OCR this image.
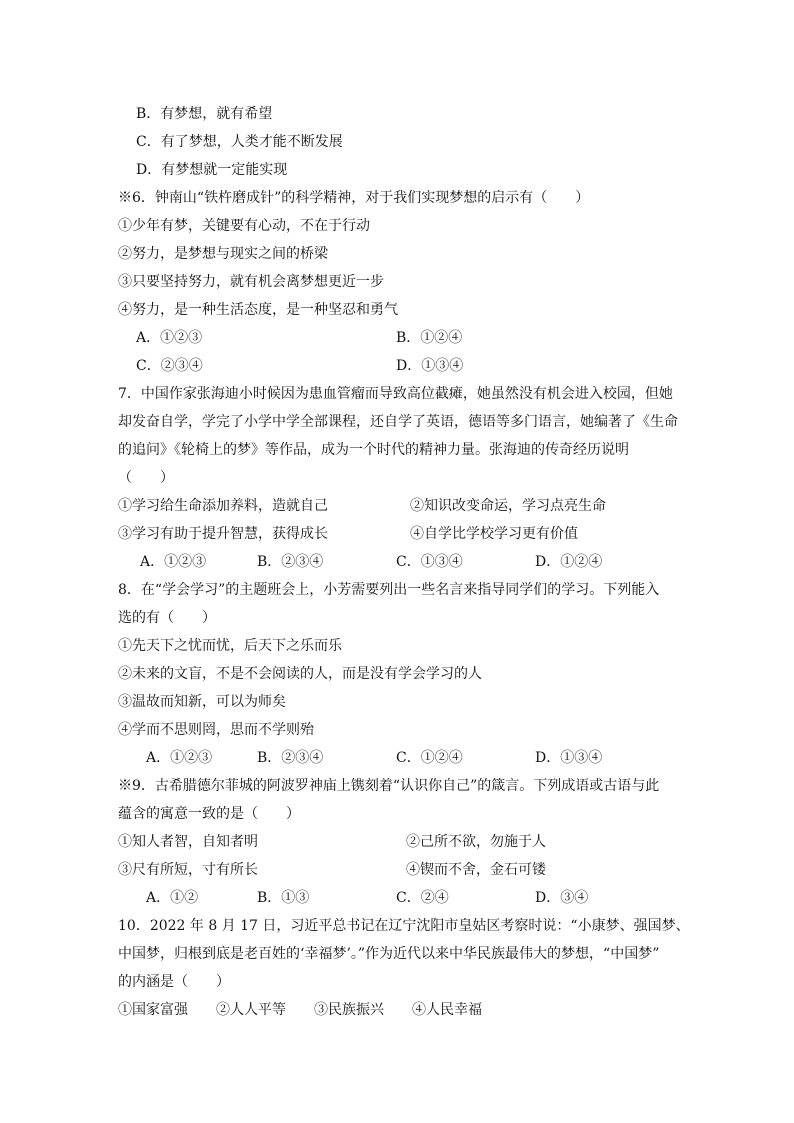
B．有梦想，就有希望
C．有了梦想，人类才能不断发展
D．有梦想就一定能实现
※6．钟南山“铁杵磨成针”的科学精神，对于我们实现梦想的启示有（　　）
①少年有梦，关键要有心动，不在于行动
②努力，是梦想与现实之间的桥梁
③只要坚持努力，就有机会离梦想更近一步
④努力，是一种生活态度，是一种坚忍和勇气
A．①②③	B．①②④
C．②③④	D．①③④
7．中国作家张海迪小时候因为患血管瘤而导致高位截瘫，她虽然没有机会进入校园，但她
却发奋自学，学完了小学中学全部课程，还自学了英语，德语等多门语言，她编著了《生命
的追问》《轮椅上的梦》等作品，成为一个时代的精神力量。张海迪的传奇经历说明
（　　）
①学习给生命添加养料，造就自己	②知识改变命运，学习点亮生命
③学习有助于提升智慧，获得成长	④自学比学校学习更有价值
A．①②③	B．②③④	C．①③④	D．①②④
8．在“学会学习”的主题班会上，小芳需要列出一些名言来指导同学们的学习。下列能入
选的有（　　）
①先天下之忧而忧，后天下之乐而乐
②未来的文盲，不是不会阅读的人，而是没有学会学习的人
③温故而知新，可以为师矣
④学而不思则罔，思而不学则殆
A．①②③	B．②③④	C．①②④	D．①③④
※9．古希腊德尔菲城的阿波罗神庙上镌刻着“认识你自己”的箴言。下列成语或古语与此
蕴含的寓意一致的是（　　）
①知人者智，自知者明	②己所不欲，勿施于人
③尺有所短，寸有所长	④锲而不舍，金石可镂
A．①②	B．①③	C．②④	D．③④
10．2022 年 8 月 17 日，习近平总书记在辽宁沈阳市皇姑区考察时说：“小康梦、强国梦、
中国梦，归根到底是老百姓的‘幸福梦’。”作为近代以来中华民族最伟大的梦想，“中国梦”
的内涵是（　　）
①国家富强　　②人人平等　　③民族振兴　　④人民幸福
